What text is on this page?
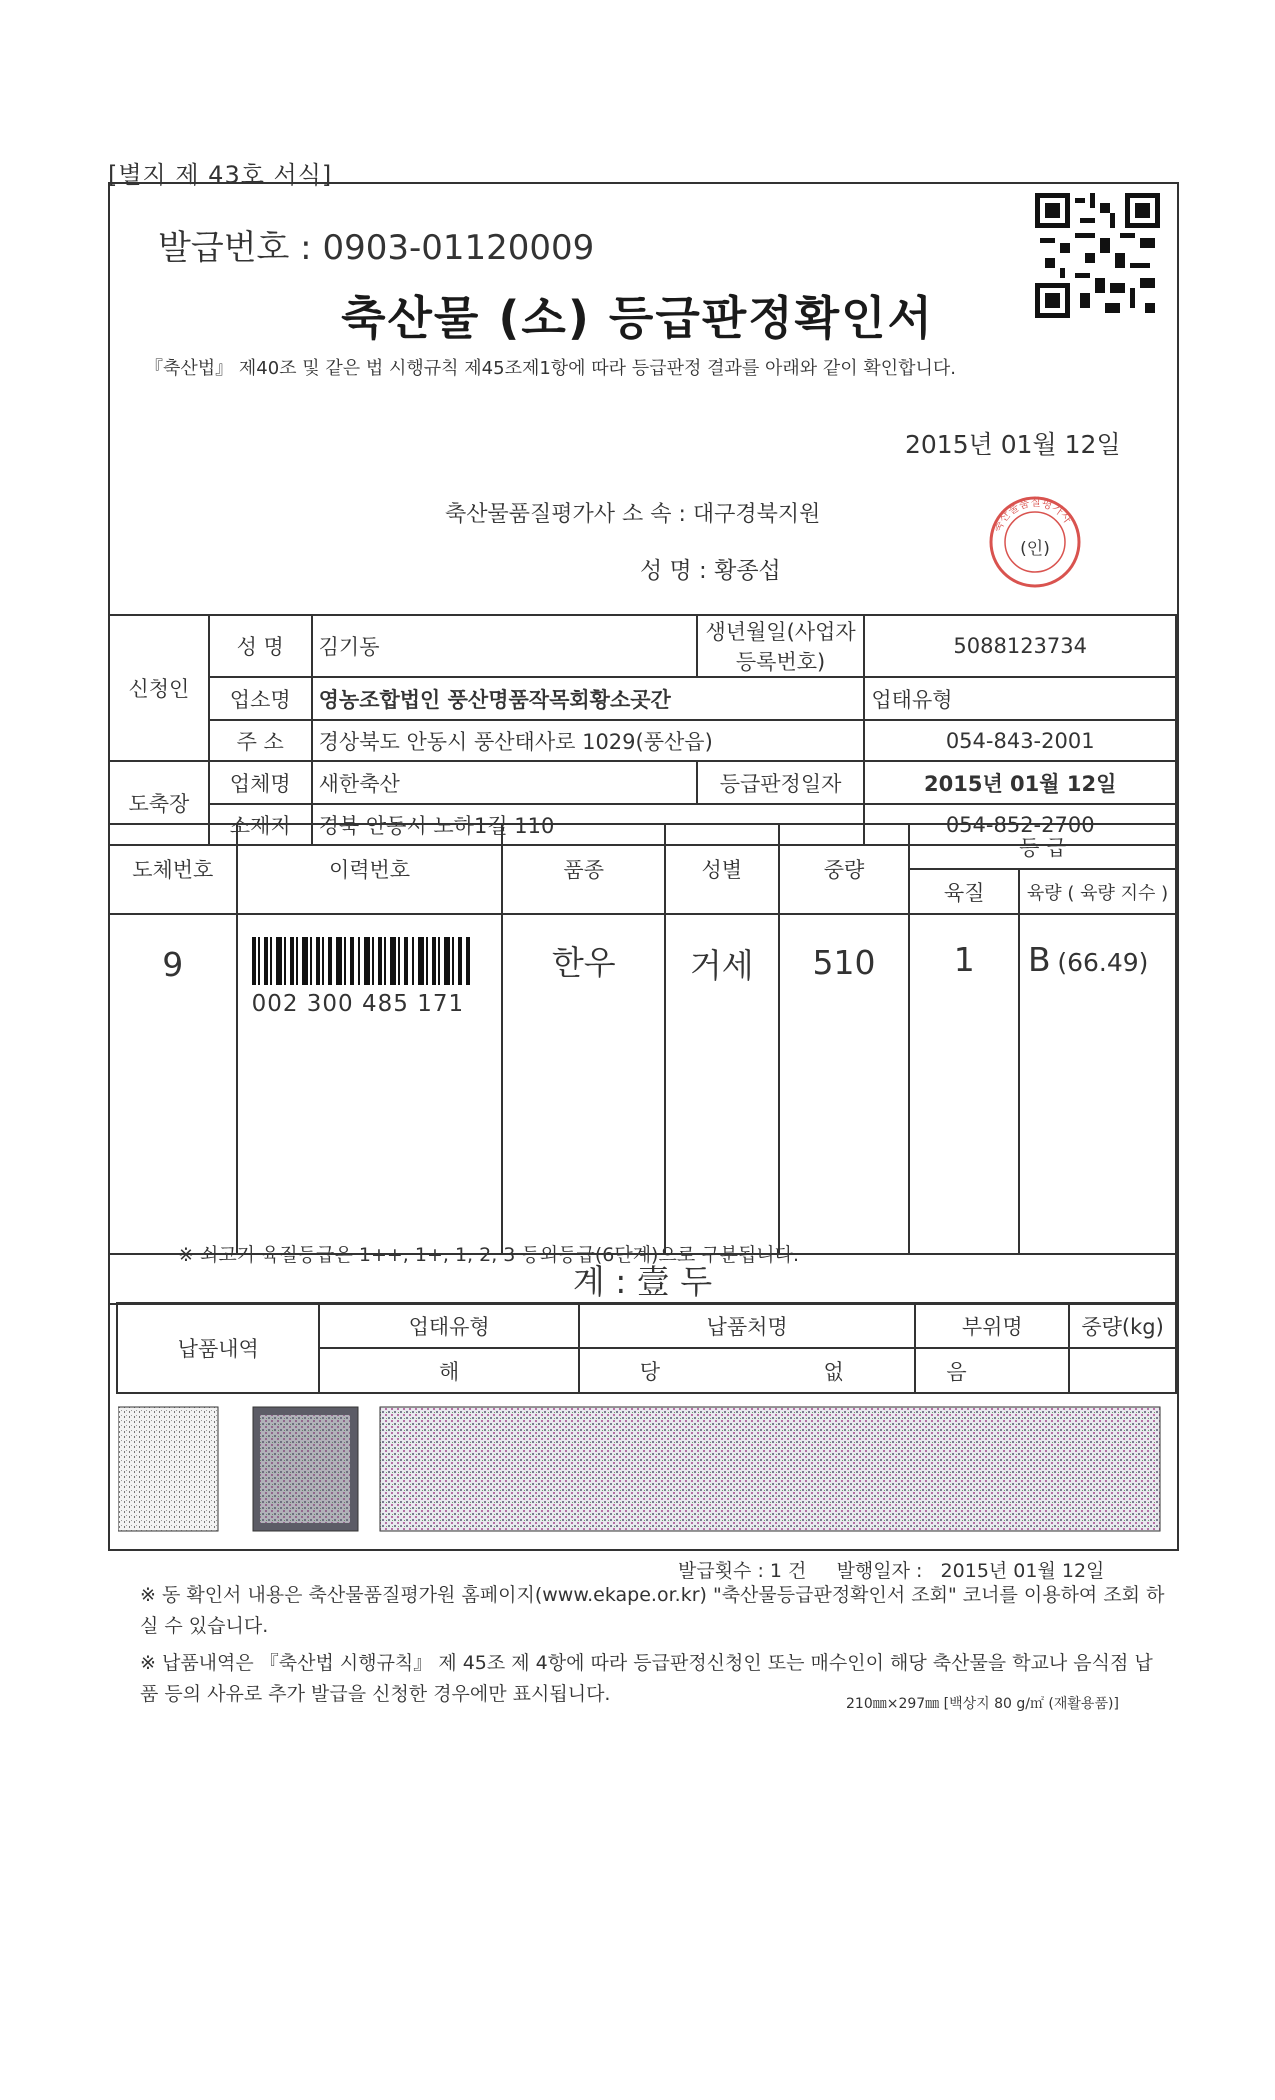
[별지 제 43호 서식]
발급번호 : 0903-01120009
축산물 (소) 등급판정확인서
『축산법』 제40조 및 같은 법 시행규칙 제45조제1항에 따라 등급판정 결과를 아래와 같이 확인합니다.
2015년 01월 12일
축산물품질평가사 소 속 : 대구경북지원
성 명 : 황종섭
축산물품질평가사
(인)
신청인	성 명	김기동	생년월일(사업자등록번호)	5088123734
	업소명	영농조합법인 풍산명품작목회황소곳간		업태유형
	주 소	경상북도 안동시 풍산태사로 1029(풍산읍)		054-843-2001
도축장	업체명	새한축산	등급판정일자	2015년 01월 12일
	소재지	경북 안동시 노하1길 110		054-852-2700
도체번호	이력번호	품종	성별	중량	등 급	
					육질	육량 ( 육량 지수 )
9	002 300 485 171	한우	거세	510	1	B (66.49)
계 : 壹 두						
※ 쇠고기 육질등급은 1++, 1+, 1, 2, 3 등외등급(6단계)으로 구분됩니다.
납품내역	업태유형	납품처명	부위명	중량(kg)
	해	당 없	음	
발급횟수 : 1 건     발행일자 :   2015년 01월 12일
※ 동 확인서 내용은 축산물품질평가원 홈페이지(www.ekape.or.kr) "축산물등급판정확인서 조회" 코너를 이용하여 조회 하실 수 있습니다.
※ 납품내역은 『축산법 시행규칙』 제 45조 제 4항에 따라 등급판정신청인 또는 매수인이 해당 축산물을 학교나 음식점 납품 등의 사유로 추가 발급을 신청한 경우에만 표시됩니다.	210㎜×297㎜ [백상지 80 g/㎡ (재활용품)]
